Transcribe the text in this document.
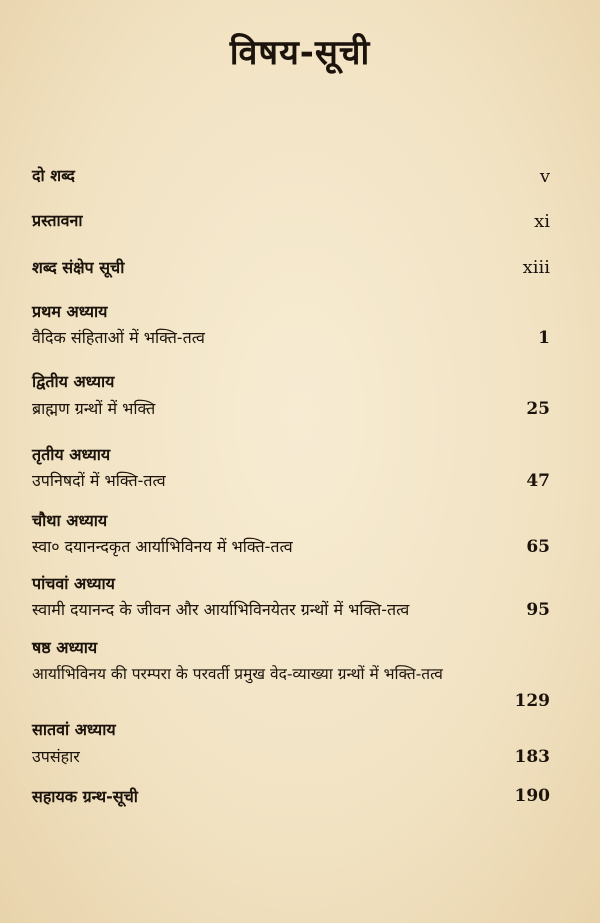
विषय-सूची
दो शब्द	v
प्रस्तावना	xi
शब्द संक्षेप सूची	xiii
प्रथम अध्याय
वैदिक संहिताओं में भक्ति-तत्व	1
द्वितीय अध्याय
ब्राह्मण ग्रन्थों में भक्ति	25
तृतीय अध्याय
उपनिषदों में भक्ति-तत्व	47
चौथा अध्याय
स्वा० दयानन्दकृत आर्याभिविनय में भक्ति-तत्व	65
पांचवां अध्याय
स्वामी दयानन्द के जीवन और आर्याभिविनयेतर ग्रन्थों में भक्ति-तत्व	95
षष्ठ अध्याय
आर्याभिविनय की परम्परा के परवर्ती प्रमुख वेद-व्याख्या ग्रन्थों में भक्ति-तत्व
129
सातवां अध्याय
उपसंहार	183
सहायक ग्रन्थ-सूची	190
